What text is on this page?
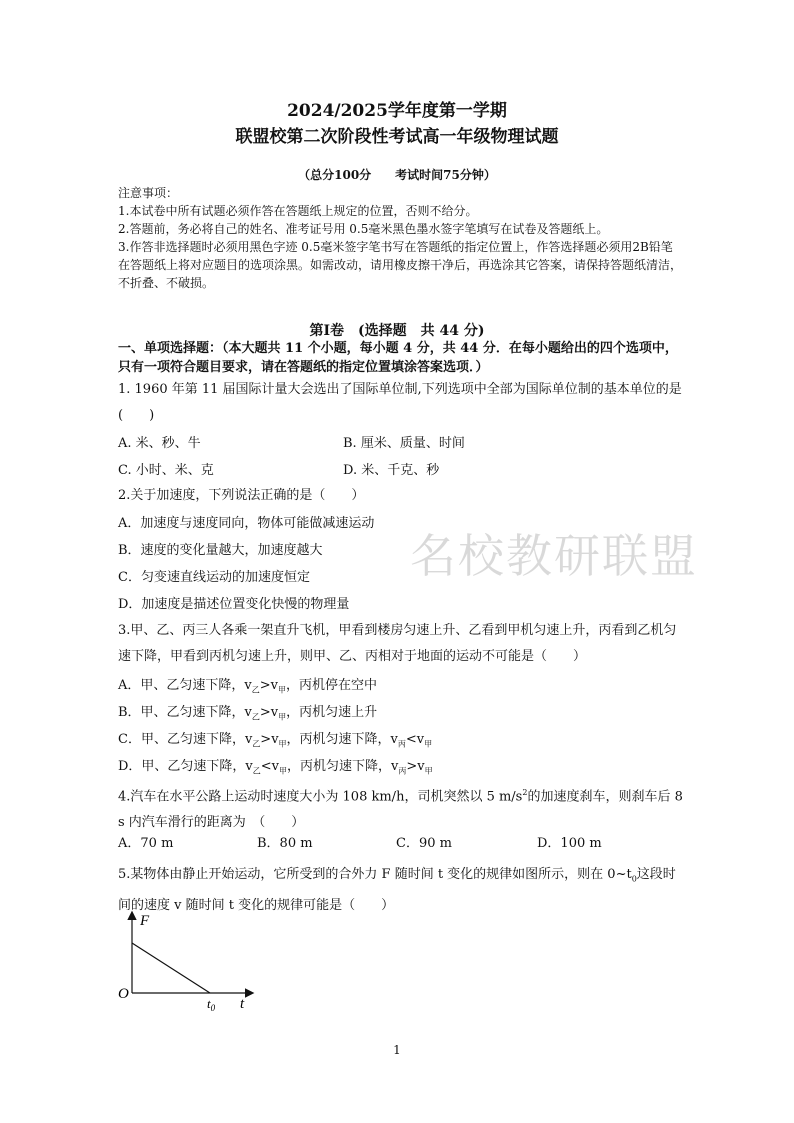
2024/2025学年度第一学期
联盟校第二次阶段性考试高一年级物理试题
（总分100分　　考试时间75分钟）
注意事项：
1.本试卷中所有试题必须作答在答题纸上规定的位置，否则不给分。
2.答题前，务必将自己的姓名、准考证号用 0.5毫米黑色墨水签字笔填写在试卷及答题纸上。
3.作答非选择题时必须用黑色字迹 0.5毫米签字笔书写在答题纸的指定位置上，作答选择题必须用2B铅笔在答题纸上将对应题目的选项涂黑。如需改动，请用橡皮擦干净后，再选涂其它答案，请保持答题纸清洁，不折叠、不破损。
第Ⅰ卷　(选择题　共 44 分)
一、单项选择题：（本大题共 11 个小题，每小题 4 分，共 44 分．在每小题给出的四个选项中，只有一项符合题目要求，请在答题纸的指定位置填涂答案选项．）
1. 1960 年第 11 届国际计量大会选出了国际单位制,下列选项中全部为国际单位制的基本单位的是　(　　)
A. 米、秒、牛	B. 厘米、质量、时间
C. 小时、米、克	D. 米、千克、秒
2.关于加速度，下列说法正确的是（　　）
A．加速度与速度同向，物体可能做减速运动
B．速度的变化量越大，加速度越大
C．匀变速直线运动的加速度恒定
D．加速度是描述位置变化快慢的物理量
名校教研联盟
3.甲、乙、丙三人各乘一架直升飞机，甲看到楼房匀速上升、乙看到甲机匀速上升，丙看到乙机匀速下降，甲看到丙机匀速上升，则甲、乙、丙相对于地面的运动不可能是（　　）
A．甲、乙匀速下降，$v_乙>v_甲$，丙机停在空中
B．甲、乙匀速下降，$v_乙>v_甲$，丙机匀速上升
C．甲、乙匀速下降，$v_乙>v_甲$，丙机匀速下降，$v_丙<v_甲$
D．甲、乙匀速下降，$v_乙<v_甲$，丙机匀速下降，$v_丙>v_甲$
4.汽车在水平公路上运动时速度大小为 108 km/h，司机突然以 5 $m/s^2$的加速度刹车，则刹车后 8 s 内汽车滑行的距离为　（　　）
A．70 m	B．80 m	C．90 m	D．100 m
5.某物体由静止开始运动，它所受到的合外力 F 随时间 t 变化的规律如图所示，则在 $0\sim t_0$这段时间的速度 v 随时间 t 变化的规律可能是（　　）
F
O
t
$t_0$
1
